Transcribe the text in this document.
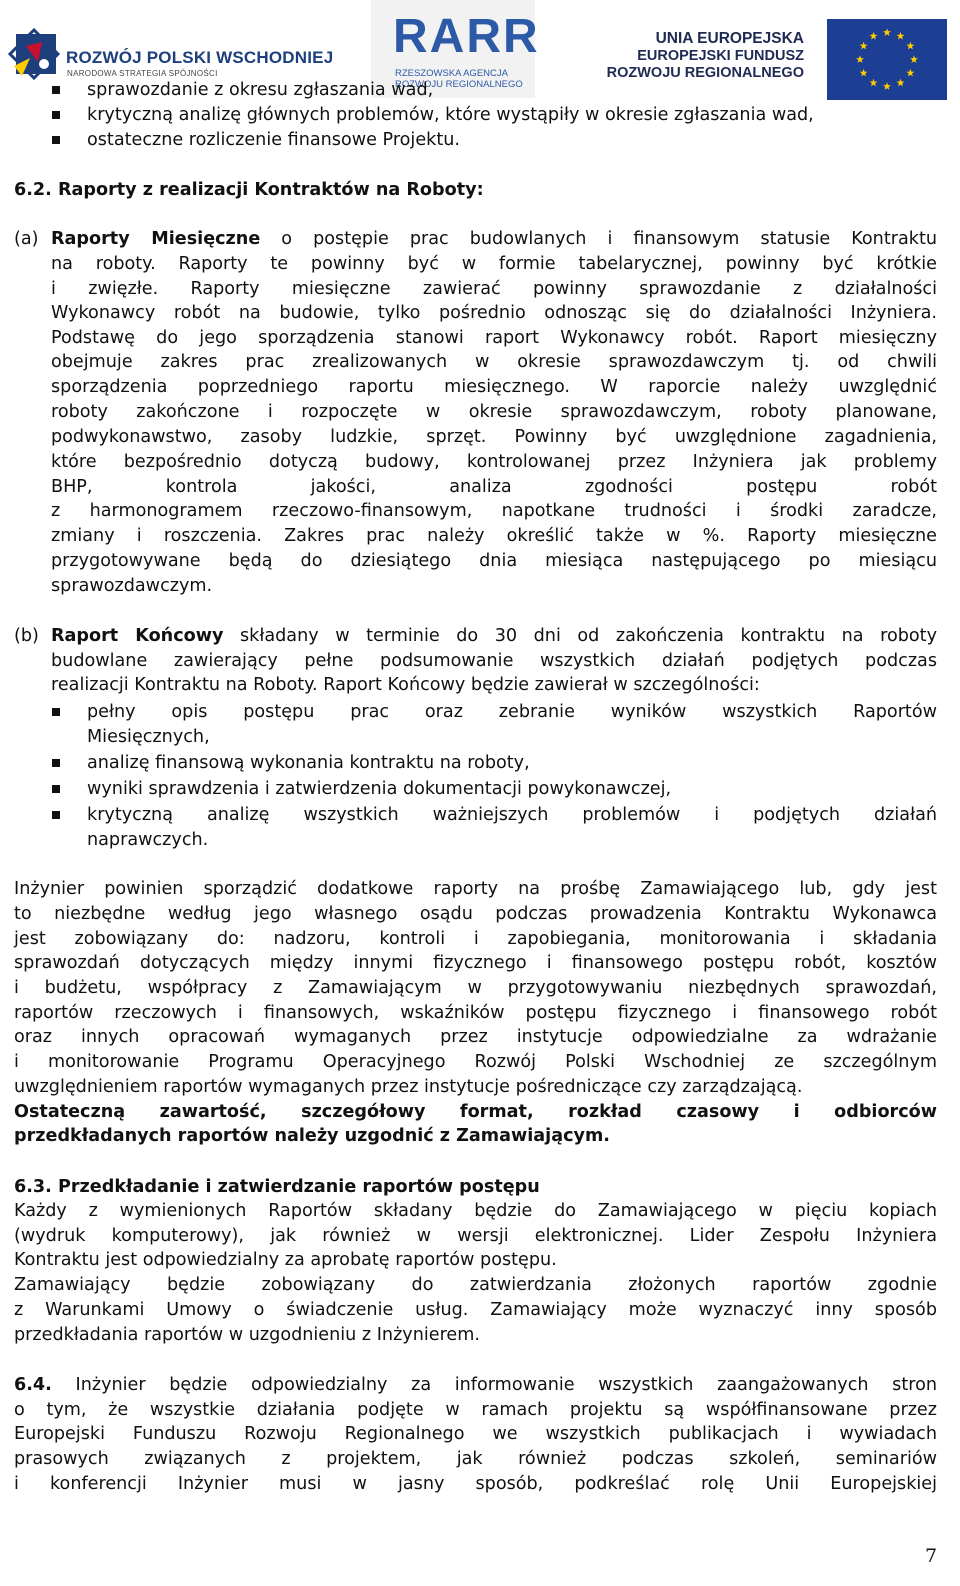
ROZWÓJ POLSKI WSCHODNIEJ
NARODOWA STRATEGIA SPÓJNOŚCI
RARR
RZESZOWSKA AGENCJA
ROZWOJU REGIONALNEGO
UNIA EUROPEJSKA
EUROPEJSKI FUNDUSZ
ROZWOJU REGIONALNEGO
sprawozdanie z okresu zgłaszania wad,
krytyczną analizę głównych problemów, które wystąpiły w okresie zgłaszania wad,
ostateczne rozliczenie finansowe Projektu.
6.2. Raporty z realizacji Kontraktów na Roboty:
(a) Raporty Miesięczne o postępie prac budowlanych i finansowym statusie Kontraktu
na roboty. Raporty te powinny być w formie tabelarycznej, powinny być krótkie
i zwięzłe. Raporty miesięczne zawierać powinny sprawozdanie z działalności
Wykonawcy robót na budowie, tylko pośrednio odnosząc się do działalności Inżyniera.
Podstawę do jego sporządzenia stanowi raport Wykonawcy robót. Raport miesięczny
obejmuje zakres prac zrealizowanych w okresie sprawozdawczym tj. od chwili
sporządzenia poprzedniego raportu miesięcznego. W raporcie należy uwzględnić
roboty zakończone i rozpoczęte w okresie sprawozdawczym, roboty planowane,
podwykonawstwo, zasoby ludzkie, sprzęt. Powinny być uwzględnione zagadnienia,
które bezpośrednio dotyczą budowy, kontrolowanej przez Inżyniera jak problemy
BHP, kontrola jakości, analiza zgodności postępu robót
z harmonogramem rzeczowo-finansowym, napotkane trudności i środki zaradcze,
zmiany i roszczenia. Zakres prac należy określić także w %. Raporty miesięczne
przygotowywane będą do dziesiątego dnia miesiąca następującego po miesiącu
sprawozdawczym.
(b) Raport Końcowy składany w terminie do 30 dni od zakończenia kontraktu na roboty
budowlane zawierający pełne podsumowanie wszystkich działań podjętych podczas
realizacji Kontraktu na Roboty. Raport Końcowy będzie zawierał w szczególności:
pełny opis postępu prac oraz zebranie wyników wszystkich Raportów
Miesięcznych,
analizę finansową wykonania kontraktu na roboty,
wyniki sprawdzenia i zatwierdzenia dokumentacji powykonawczej,
krytyczną analizę wszystkich ważniejszych problemów i podjętych działań
naprawczych.
Inżynier powinien sporządzić dodatkowe raporty na prośbę Zamawiającego lub, gdy jest
to niezbędne według jego własnego osądu podczas prowadzenia Kontraktu Wykonawca
jest zobowiązany do: nadzoru, kontroli i zapobiegania, monitorowania i składania
sprawozdań dotyczących między innymi fizycznego i finansowego postępu robót, kosztów
i budżetu, współpracy z Zamawiającym w przygotowywaniu niezbędnych sprawozdań,
raportów rzeczowych i finansowych, wskaźników postępu fizycznego i finansowego robót
oraz innych opracowań wymaganych przez instytucje odpowiedzialne za wdrażanie
i monitorowanie Programu Operacyjnego Rozwój Polski Wschodniej ze szczególnym
uwzględnieniem raportów wymaganych przez instytucje pośredniczące czy zarządzającą.
Ostateczną zawartość, szczegółowy format, rozkład czasowy i odbiorców
przedkładanych raportów należy uzgodnić z Zamawiającym.
6.3. Przedkładanie i zatwierdzanie raportów postępu
Każdy z wymienionych Raportów składany będzie do Zamawiającego w pięciu kopiach
(wydruk komputerowy), jak również w wersji elektronicznej. Lider Zespołu Inżyniera
Kontraktu jest odpowiedzialny za aprobatę raportów postępu.
Zamawiający będzie zobowiązany do zatwierdzania złożonych raportów zgodnie
z Warunkami Umowy o świadczenie usług. Zamawiający może wyznaczyć inny sposób
przedkładania raportów w uzgodnieniu z Inżynierem.
6.4. Inżynier będzie odpowiedzialny za informowanie wszystkich zaangażowanych stron
o tym, że wszystkie działania podjęte w ramach projektu są współfinansowane przez
Europejski Funduszu Rozwoju Regionalnego we wszystkich publikacjach i wywiadach
prasowych związanych z projektem, jak również podczas szkoleń, seminariów
i konferencji Inżynier musi w jasny sposób, podkreślać rolę Unii Europejskiej
7
